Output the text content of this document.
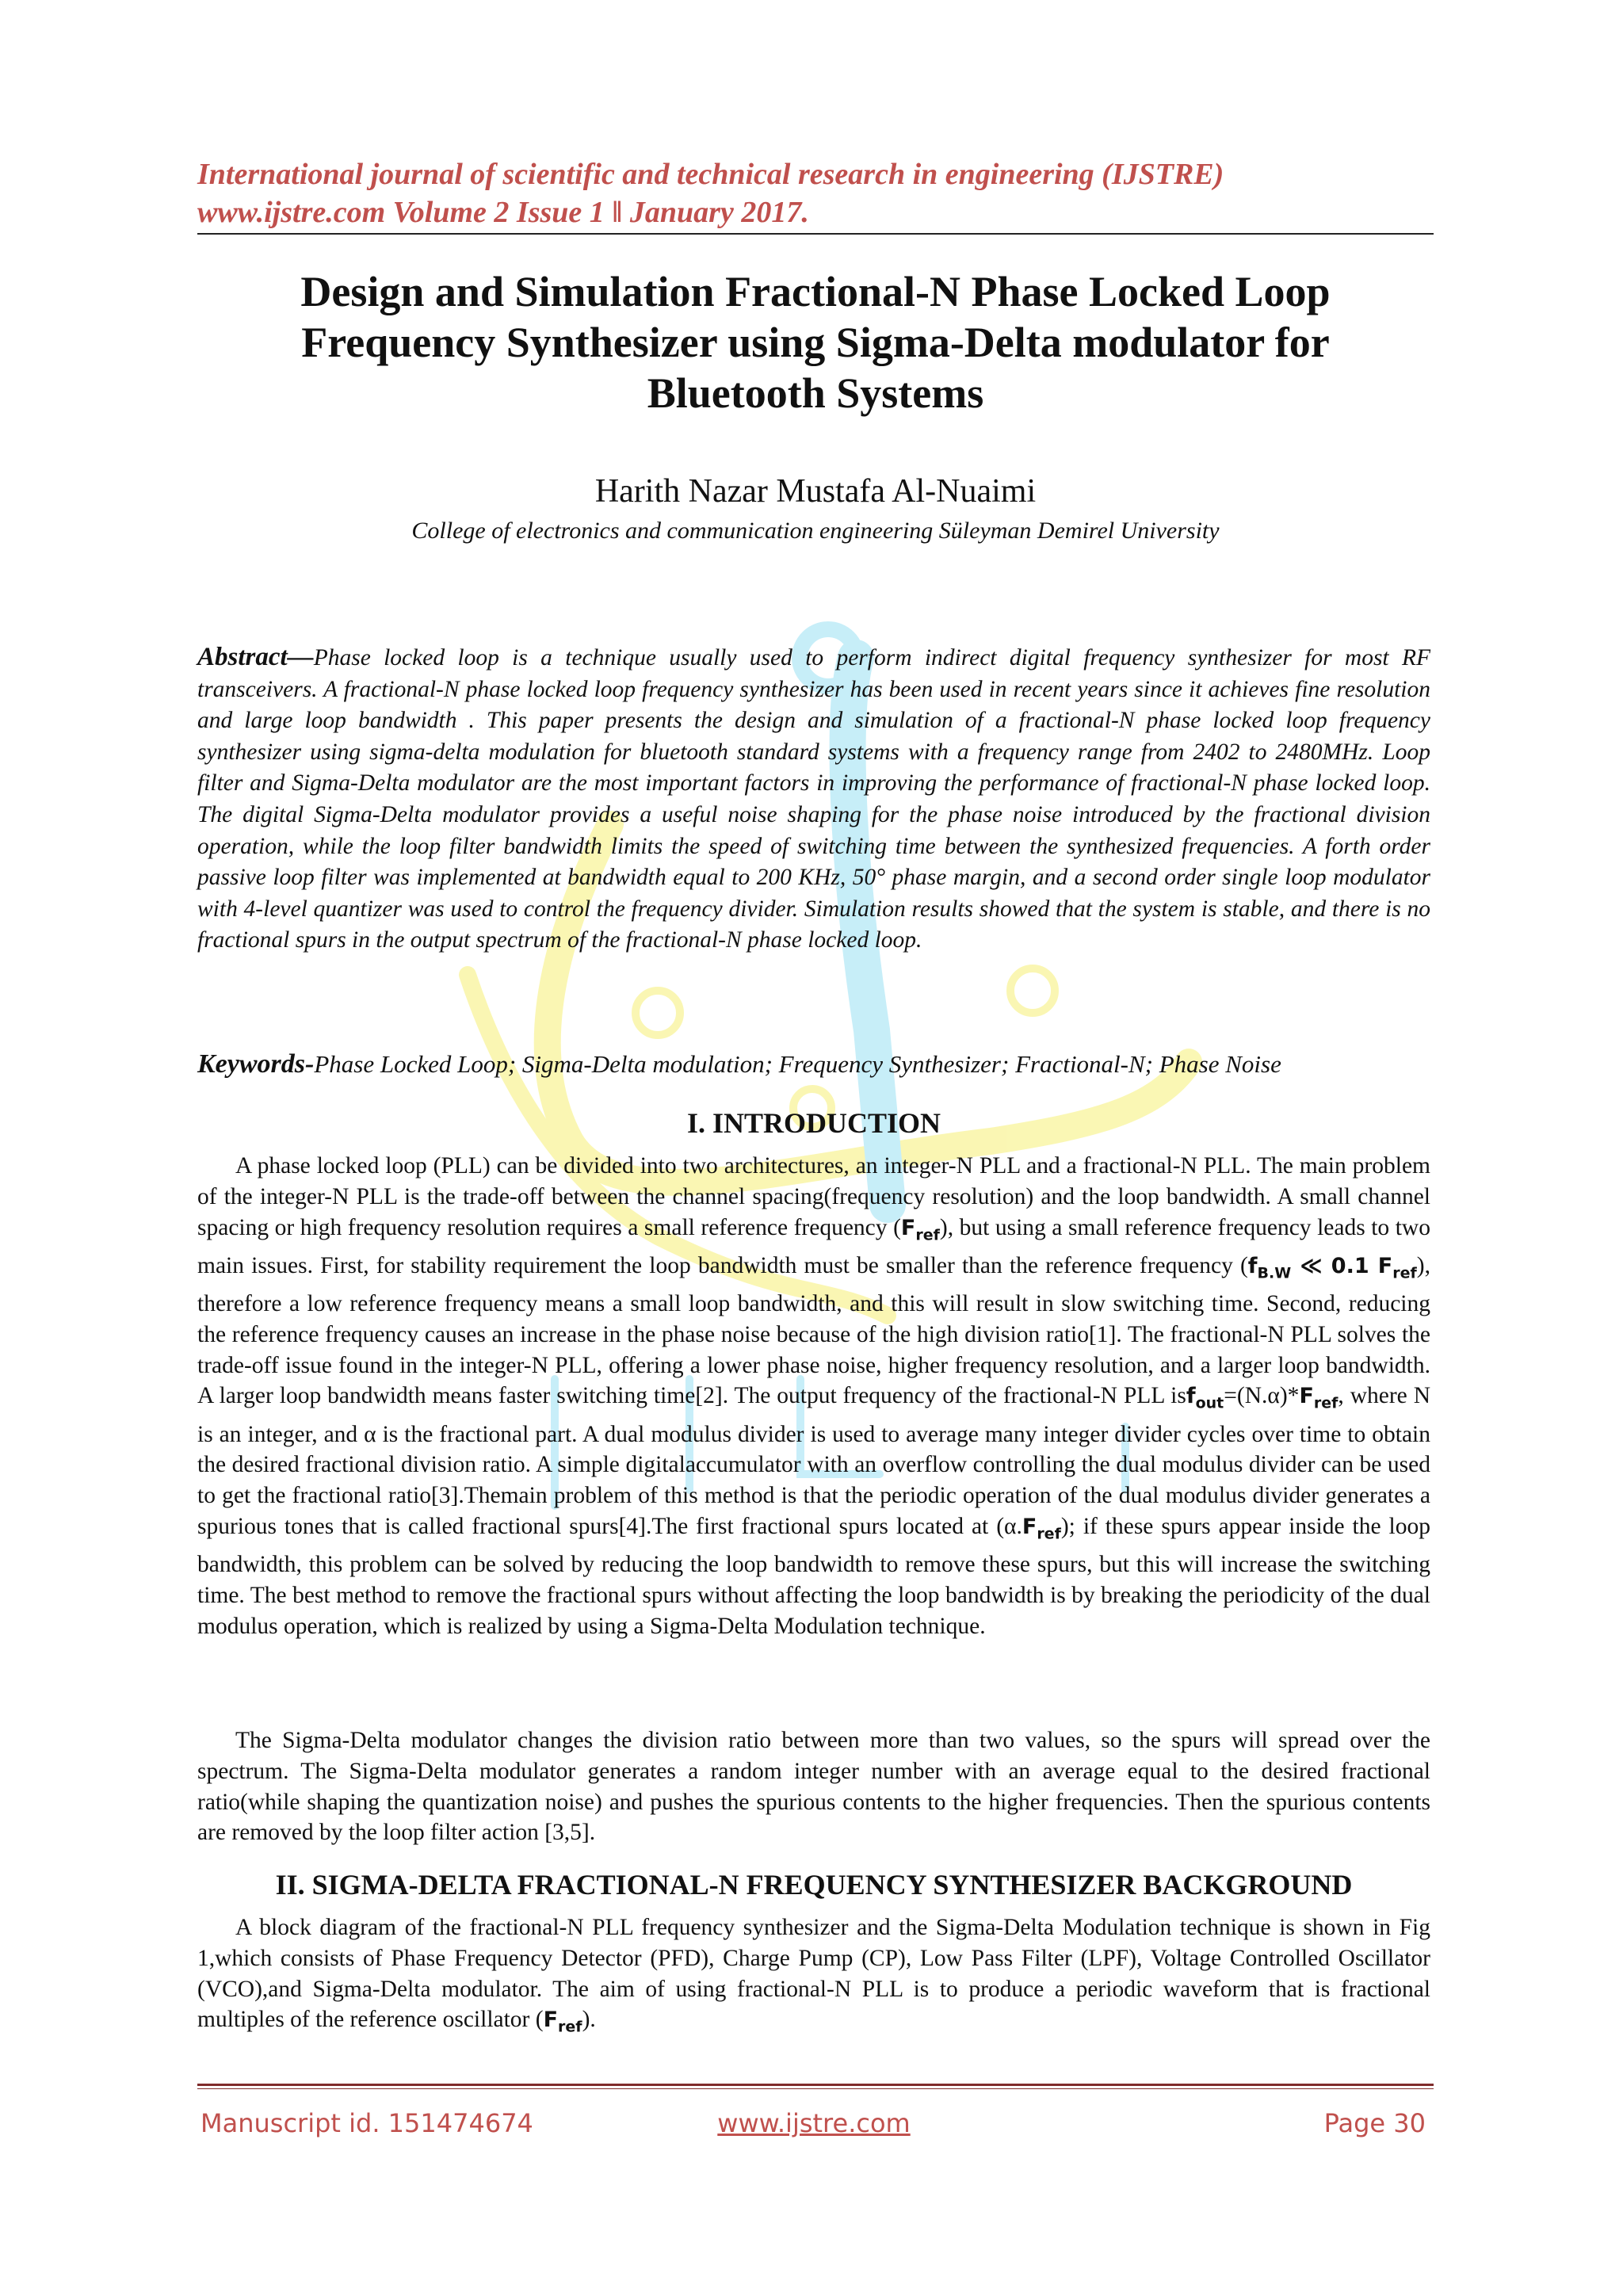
International journal of scientific and technical research in engineering (IJSTRE)
www.ijstre.com Volume 2 Issue 1 ǁ January 2017.
Design and Simulation Fractional-N Phase Locked Loop
Frequency Synthesizer using Sigma-Delta modulator for
Bluetooth Systems
Harith Nazar Mustafa Al-Nuaimi
College of electronics and communication engineering Süleyman Demirel University
Abstract—Phase locked loop is a technique usually used to perform indirect digital frequency synthesizer for most RF transceivers. A fractional-N phase locked loop frequency synthesizer has been used in recent years since it achieves fine resolution and large loop bandwidth . This paper presents the design and simulation of a fractional-N phase locked loop frequency synthesizer using sigma-delta modulation for bluetooth standard systems with a frequency range from 2402 to 2480MHz. Loop filter and Sigma-Delta modulator are the most important factors in improving the performance of fractional-N phase locked loop. The digital Sigma-Delta modulator provides a useful noise shaping for the phase noise introduced by the fractional division operation, while the loop filter bandwidth limits the speed of switching time between the synthesized frequencies. A forth order passive loop filter was implemented at bandwidth equal to 200 KHz, 50° phase margin, and a second order single loop modulator with 4-level quantizer was used to control the frequency divider. Simulation results showed that the system is stable, and there is no fractional spurs in the output spectrum of the fractional-N phase locked loop.
Keywords-Phase Locked Loop; Sigma-Delta modulation; Frequency Synthesizer; Fractional-N; Phase Noise
I. INTRODUCTION
A phase locked loop (PLL) can be divided into two architectures, an integer-N PLL and a fractional-N PLL. The main problem of the integer-N PLL is the trade-off between the channel spacing(frequency resolution) and the loop bandwidth. A small channel spacing or high frequency resolution requires a small reference frequency $(F_{ref})$, but using a small reference frequency leads to two main issues. First, for stability requirement the loop bandwidth must be smaller than the reference frequency ($f_{B.W}$ ≪ 0.1 $F_{ref}$), therefore a low reference frequency means a small loop bandwidth, and this will result in slow switching time. Second, reducing the reference frequency causes an increase in the phase noise because of the high division ratio[1]. The fractional-N PLL solves the trade-off issue found in the integer-N PLL, offering a lower phase noise, higher frequency resolution, and a larger loop bandwidth. A larger loop bandwidth means faster switching time[2]. The output frequency of the fractional-N PLL $isf_{out}=(N.\alpha)*F_{ref}$, where N is an integer, and α is the fractional part. A dual modulus divider is used to average many integer divider cycles over time to obtain the desired fractional division ratio. A simple digitalaccumulator with an overflow controlling the dual modulus divider can be used to get the fractional ratio[3].Themain problem of this method is that the periodic operation of the dual modulus divider generates a spurious tones that is called fractional spurs[4].The first fractional spurs located at $(\alpha.F_{ref})$; if these spurs appear inside the loop bandwidth, this problem can be solved by reducing the loop bandwidth to remove these spurs, but this will increase the switching time. The best method to remove the fractional spurs without affecting the loop bandwidth is by breaking the periodicity of the dual modulus operation, which is realized by using a Sigma-Delta Modulation technique.
The Sigma-Delta modulator changes the division ratio between more than two values, so the spurs will spread over the spectrum. The Sigma-Delta modulator generates a random integer number with an average equal to the desired fractional ratio(while shaping the quantization noise) and pushes the spurious contents to the higher frequencies. Then the spurious contents are removed by the loop filter action [3,5].
II. SIGMA-DELTA FRACTIONAL-N FREQUENCY SYNTHESIZER BACKGROUND
A block diagram of the fractional-N PLL frequency synthesizer and the Sigma-Delta Modulation technique is shown in Fig 1,which consists of Phase Frequency Detector (PFD), Charge Pump (CP), Low Pass Filter (LPF), Voltage Controlled Oscillator (VCO),and Sigma-Delta modulator. The aim of using fractional-N PLL is to produce a periodic waveform that is fractional multiples of the reference oscillator $(F_{ref})$.
Manuscript id. 151474674	www.ijstre.com	Page 30
